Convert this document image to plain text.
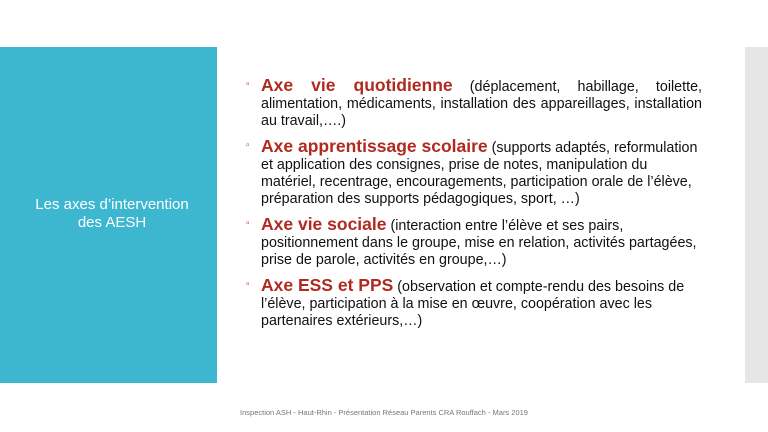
Les axes d’intervention des AESH
▫ Axe vie quotidienne (déplacement, habillage, toilette, alimentation, médicaments, installation des appareillages, installation au travail,….)
▫ Axe apprentissage scolaire (supports adaptés, reformulation et application des consignes, prise de notes, manipulation du matériel, recentrage, encouragements, participation orale de l’élève, préparation des supports pédagogiques, sport, …)
▫ Axe vie sociale (interaction entre l’élève et ses pairs, positionnement dans le groupe, mise en relation, activités partagées, prise de parole, activités en groupe,…)
▫ Axe ESS et PPS (observation et compte-rendu des besoins de l’élève, participation à la mise en œuvre, coopération avec les partenaires extérieurs,…)
Inspection ASH - Haut-Rhin - Présentation Réseau Parents CRA Rouffach - Mars 2019
